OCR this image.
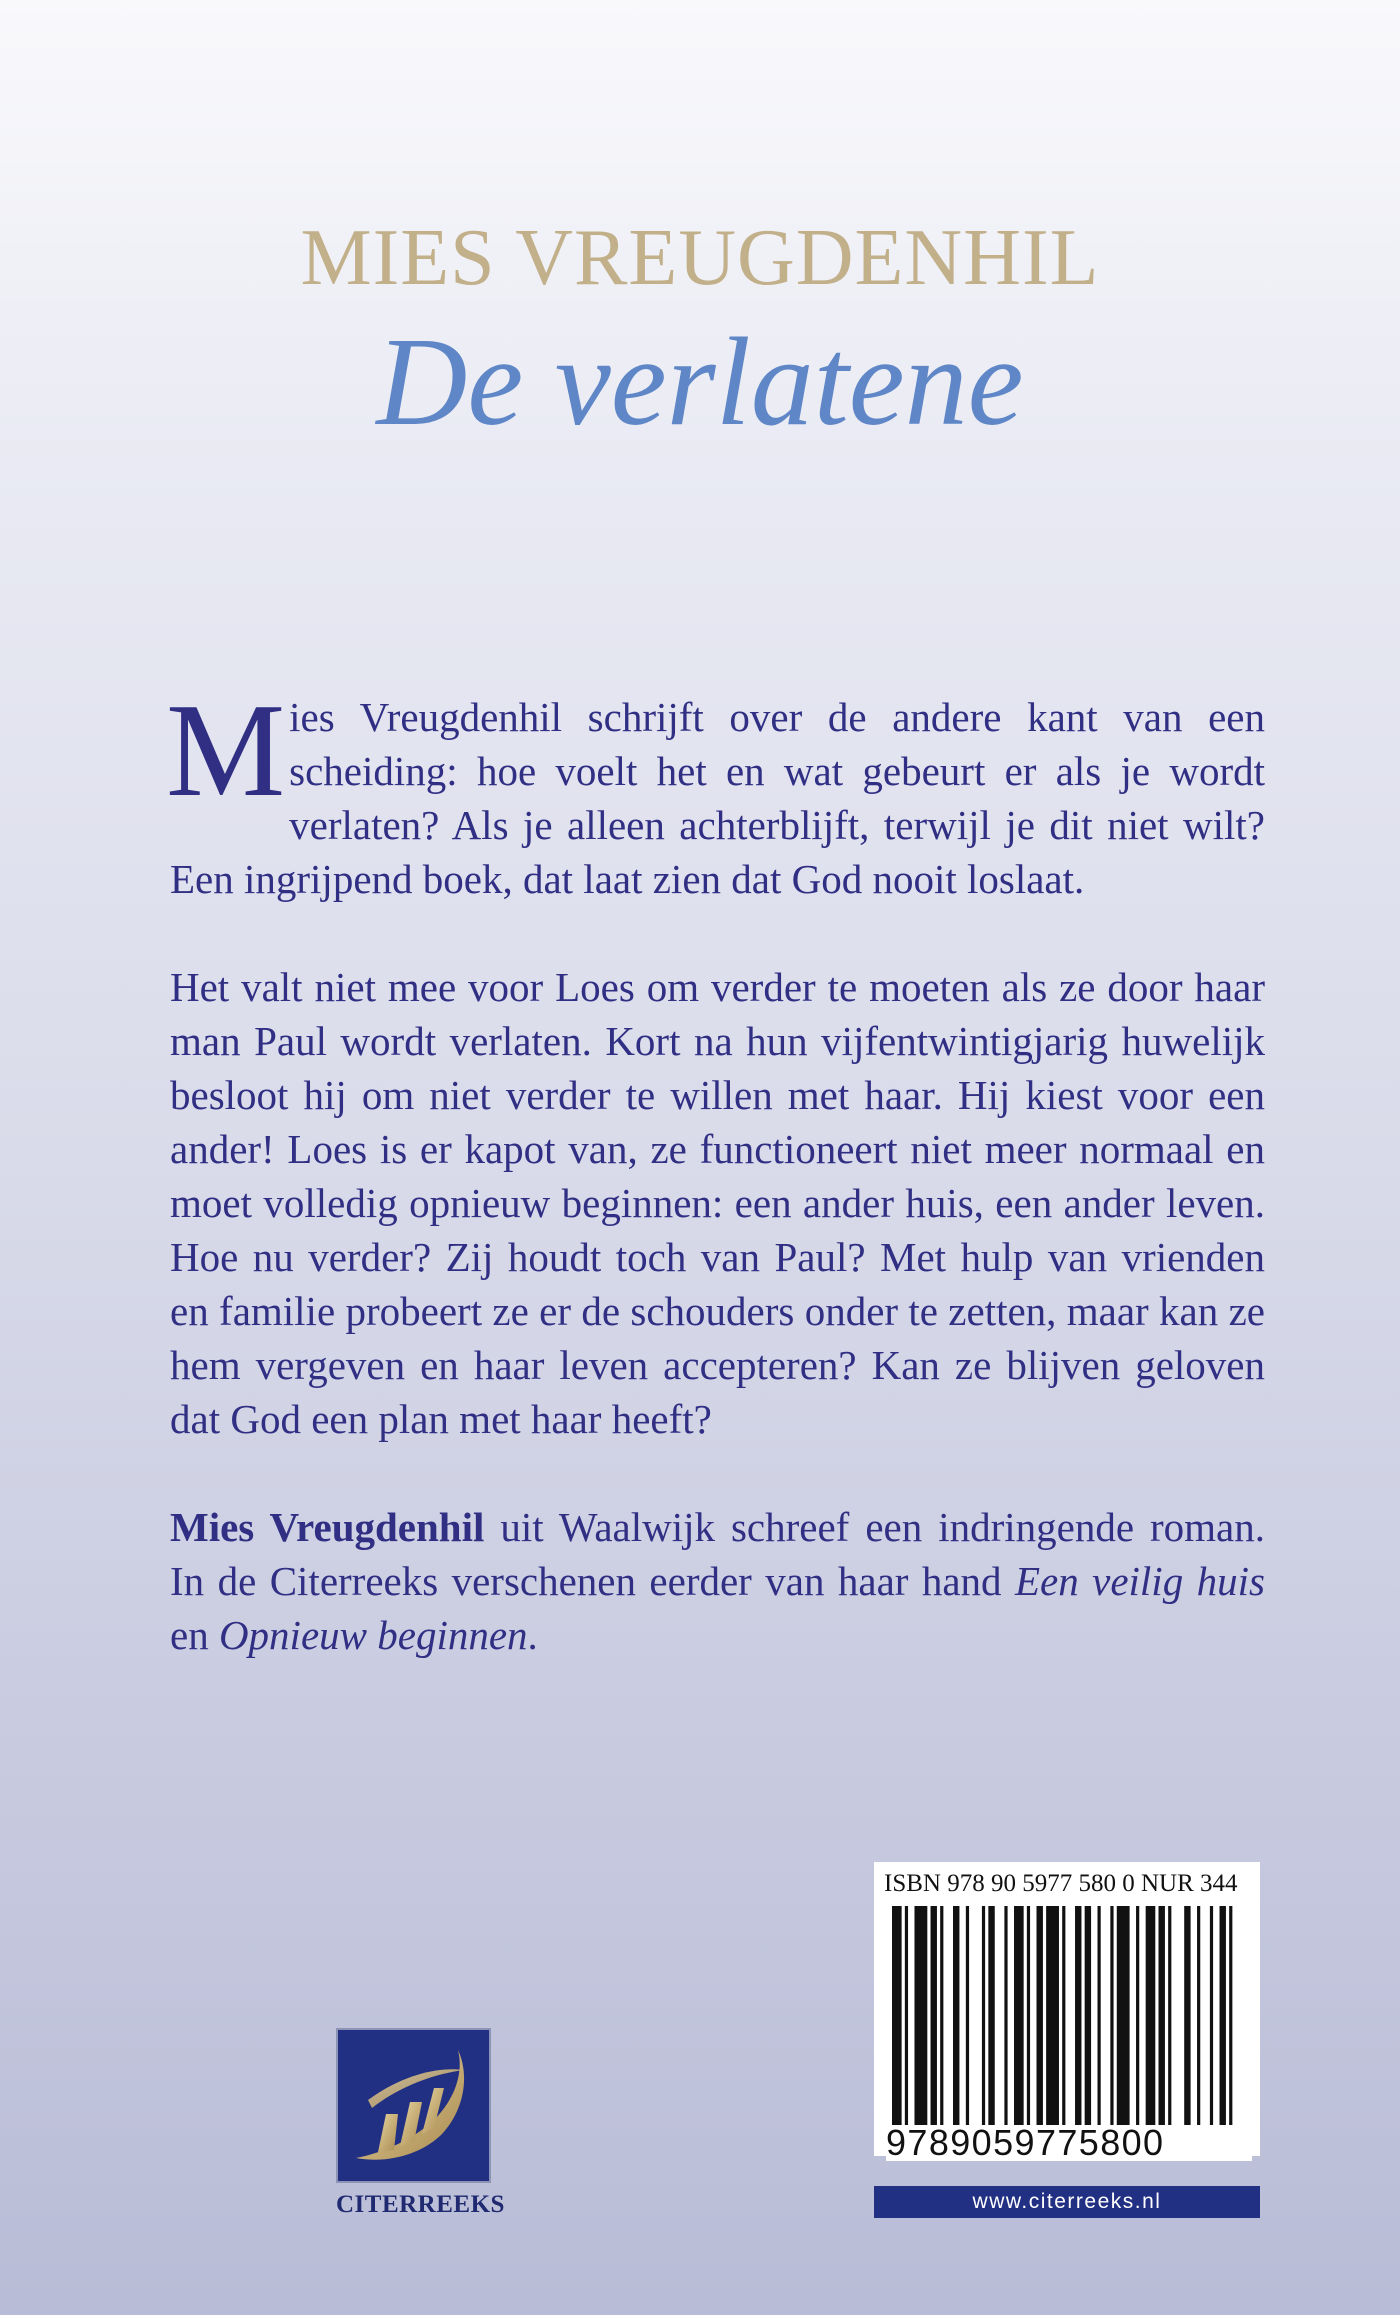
MIES VREUGDENHIL
De verlatene

Mies Vreugdenhil schrijft over de andere kant van een scheiding: hoe voelt het en wat gebeurt er als je wordt verlaten? Als je alleen achterblijft, terwijl je dit niet wilt? Een ingrijpend boek, dat laat zien dat God nooit loslaat.

Het valt niet mee voor Loes om verder te moeten als ze door haar man Paul wordt verlaten. Kort na hun vijfentwintigjarig huwelijk besloot hij om niet verder te willen met haar. Hij kiest voor een ander! Loes is er kapot van, ze functioneert niet meer normaal en moet volledig opnieuw beginnen: een ander huis, een ander leven. Hoe nu verder? Zij houdt toch van Paul? Met hulp van vrienden en familie probeert ze er de schouders onder te zetten, maar kan ze hem vergeven en haar leven accepteren? Kan ze blijven geloven dat God een plan met haar heeft?

Mies Vreugdenhil uit Waalwijk schreef een indringende roman. In de Citerreeks verschenen eerder van haar hand Een veilig huis en Opnieuw beginnen.

CITERREEKS
ISBN 978 90 5977 580 0 NUR 344
9789059775800
www.citerreeks.nl
